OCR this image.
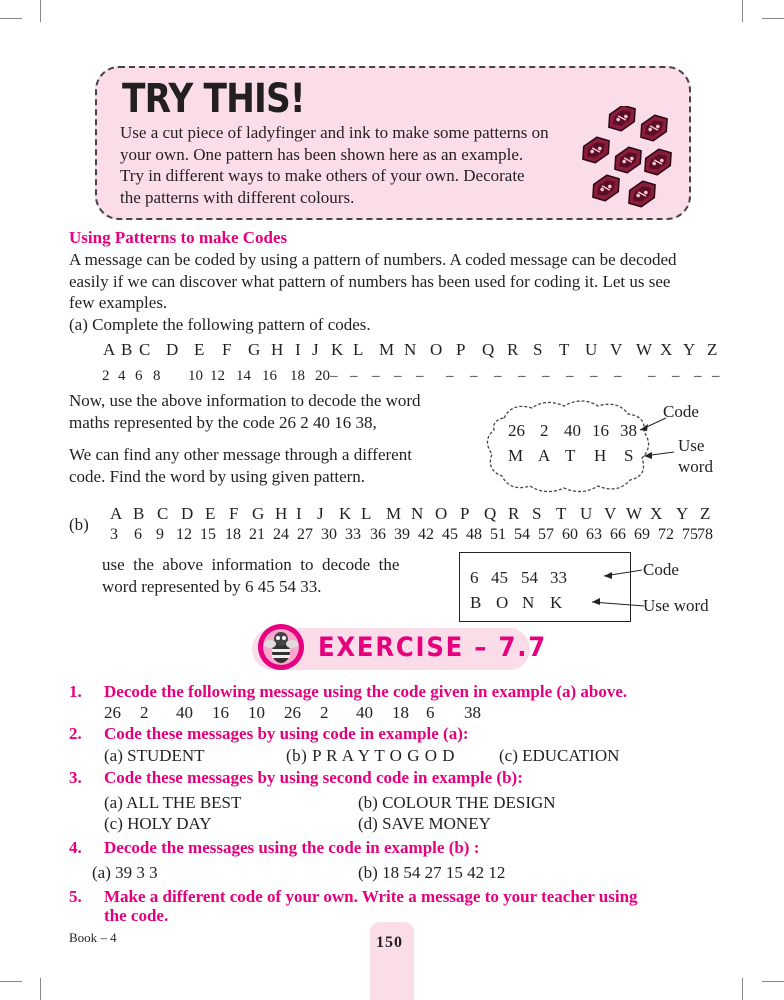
TRY THIS!
Use a cut piece of ladyfinger and ink to make some patterns on
your own. One pattern has been shown here as an example.
Try in different ways to make others of your own. Decorate
the patterns with different colours.
Using Patterns to make Codes
A message can be coded by using a pattern of numbers. A coded message can be decoded
easily if we can discover what pattern of numbers has been used for coding it. Let us see
few examples.
(a) Complete the following pattern of codes.
A B C D E F G H I J K L M N O P Q R S T U V W X Y Z
2 4 6 8 10 12 14 16 18 20– – – – – – – – – – – – – – – – –
Now, use the above information to decode the word
maths represented by the code 26 2 40 16 38,
We can find any other message through a different
code. Find the word by using given pattern.
26 2 40 16 38
M A T H S
Code
Use
word
(b)
A B C D E F G H I J K L M N O P Q R S T U V W X Y Z
3 6 9 12 15 18 21 24 27 30 33 36 39 42 45 48 51 54 57 60 63 66 69 72 75 78
use  the  above  information  to  decode  the
word represented by 6 45 54 33.	6 45 54 33
B O N K
Code
Use word
EXERCISE – 7.7
1. Decode the following message using the code given in example (a) above.
26 2 40 16 10 26 2 40 18 6 38
2. Code these messages by using code in example (a):
(a) STUDENT	(b) P R A Y T O G O D	(c) EDUCATION
3. Code these messages by using second code in example (b):
(a) ALL THE BEST	(b) COLOUR THE DESIGN
(c) HOLY DAY	(d) SAVE MONEY
4. Decode the messages using the code in example (b) :
(a) 39 3 3	(b) 18 54 27 15 42 12
5. Make a different code of your own. Write a message to your teacher using
the code.
Book – 4	150
